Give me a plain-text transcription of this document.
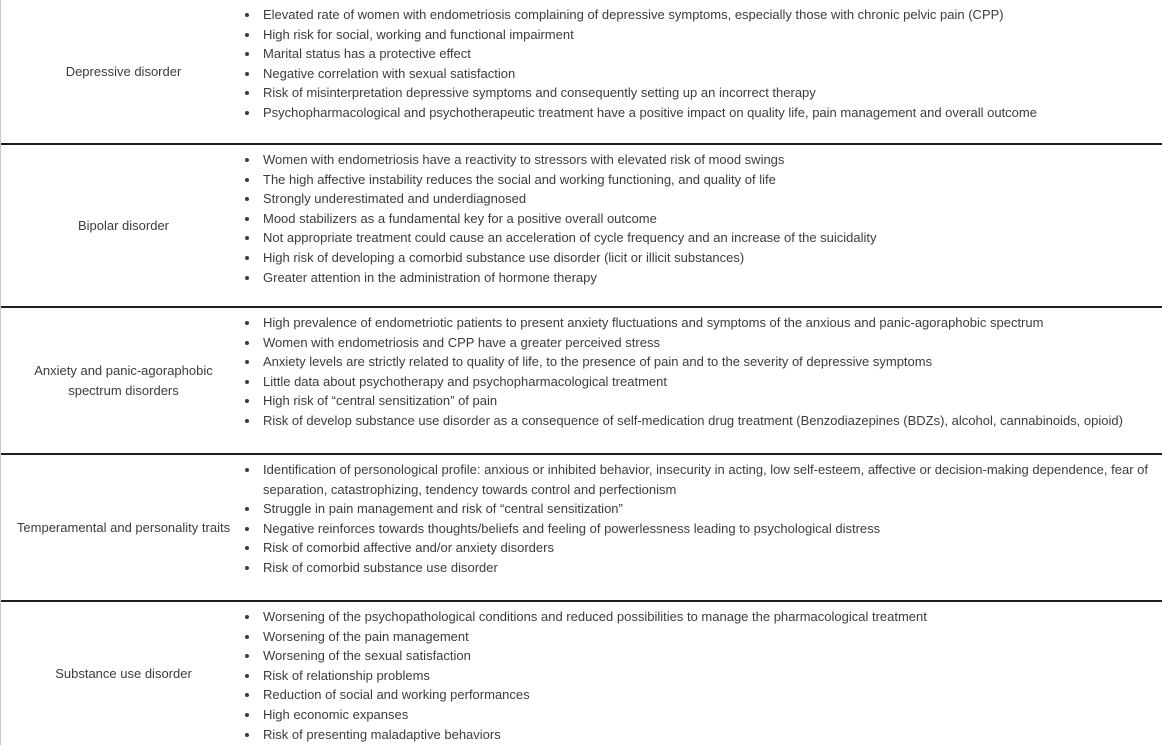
Depressive disorder
• Elevated rate of women with endometriosis complaining of depressive symptoms, especially those with chronic pelvic pain (CPP)
• High risk for social, working and functional impairment
• Marital status has a protective effect
• Negative correlation with sexual satisfaction
• Risk of misinterpretation depressive symptoms and consequently setting up an incorrect therapy
• Psychopharmacological and psychotherapeutic treatment have a positive impact on quality life, pain management and overall outcome
Bipolar disorder
• Women with endometriosis have a reactivity to stressors with elevated risk of mood swings
• The high affective instability reduces the social and working functioning, and quality of life
• Strongly underestimated and underdiagnosed
• Mood stabilizers as a fundamental key for a positive overall outcome
• Not appropriate treatment could cause an acceleration of cycle frequency and an increase of the suicidality
• High risk of developing a comorbid substance use disorder (licit or illicit substances)
• Greater attention in the administration of hormone therapy
Anxiety and panic-agoraphobic spectrum disorders
• High prevalence of endometriotic patients to present anxiety fluctuations and symptoms of the anxious and panic-agoraphobic spectrum
• Women with endometriosis and CPP have a greater perceived stress
• Anxiety levels are strictly related to quality of life, to the presence of pain and to the severity of depressive symptoms
• Little data about psychotherapy and psychopharmacological treatment
• High risk of “central sensitization” of pain
• Risk of develop substance use disorder as a consequence of self-medication drug treatment (Benzodiazepines (BDZs), alcohol, cannabinoids, opioid)
Temperamental and personality traits
• Identification of personological profile: anxious or inhibited behavior, insecurity in acting, low self-esteem, affective or decision-making dependence, fear of separation, catastrophizing, tendency towards control and perfectionism
• Struggle in pain management and risk of “central sensitization”
• Negative reinforces towards thoughts/beliefs and feeling of powerlessness leading to psychological distress
• Risk of comorbid affective and/or anxiety disorders
• Risk of comorbid substance use disorder
Substance use disorder
• Worsening of the psychopathological conditions and reduced possibilities to manage the pharmacological treatment
• Worsening of the pain management
• Worsening of the sexual satisfaction
• Risk of relationship problems
• Reduction of social and working performances
• High economic expanses
• Risk of presenting maladaptive behaviors
